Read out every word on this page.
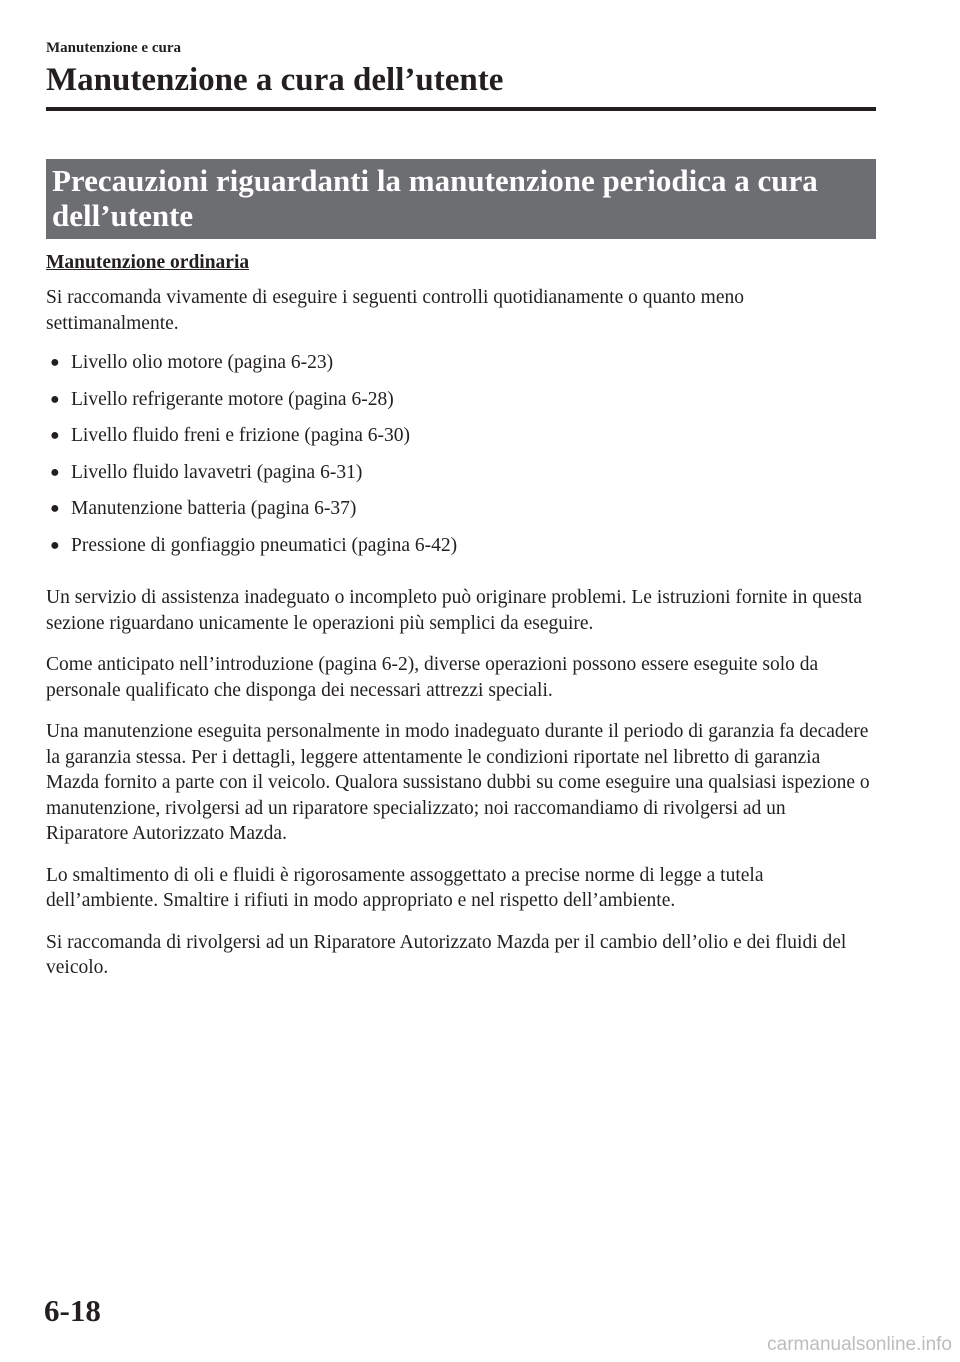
Manutenzione e cura

Manutenzione a cura dell’utente
Precauzioni riguardanti la manutenzione periodica a cura
dell’utente
Manutenzione ordinaria

Si raccomanda vivamente di eseguire i seguenti controlli quotidianamente o quanto meno settimanalmente.

● Livello olio motore (pagina 6-23)
● Livello refrigerante motore (pagina 6-28)
● Livello fluido freni e frizione (pagina 6-30)
● Livello fluido lavavetri (pagina 6-31)
● Manutenzione batteria (pagina 6-37)
● Pressione di gonfiaggio pneumatici (pagina 6-42)

Un servizio di assistenza inadeguato o incompleto può originare problemi. Le istruzioni fornite in questa sezione riguardano unicamente le operazioni più semplici da eseguire.

Come anticipato nell’introduzione (pagina 6-2), diverse operazioni possono essere eseguite solo da personale qualificato che disponga dei necessari attrezzi speciali.

Una manutenzione eseguita personalmente in modo inadeguato durante il periodo di garanzia fa decadere la garanzia stessa. Per i dettagli, leggere attentamente le condizioni riportate nel libretto di garanzia Mazda fornito a parte con il veicolo. Qualora sussistano dubbi su come eseguire una qualsiasi ispezione o manutenzione, rivolgersi ad un riparatore specializzato; noi raccomandiamo di rivolgersi ad un Riparatore Autorizzato Mazda.

Lo smaltimento di oli e fluidi è rigorosamente assoggettato a precise norme di legge a tutela dell’ambiente. Smaltire i rifiuti in modo appropriato e nel rispetto dell’ambiente.

Si raccomanda di rivolgersi ad un Riparatore Autorizzato Mazda per il cambio dell’olio e dei fluidi del veicolo.

6-18

carmanualsonline.info
